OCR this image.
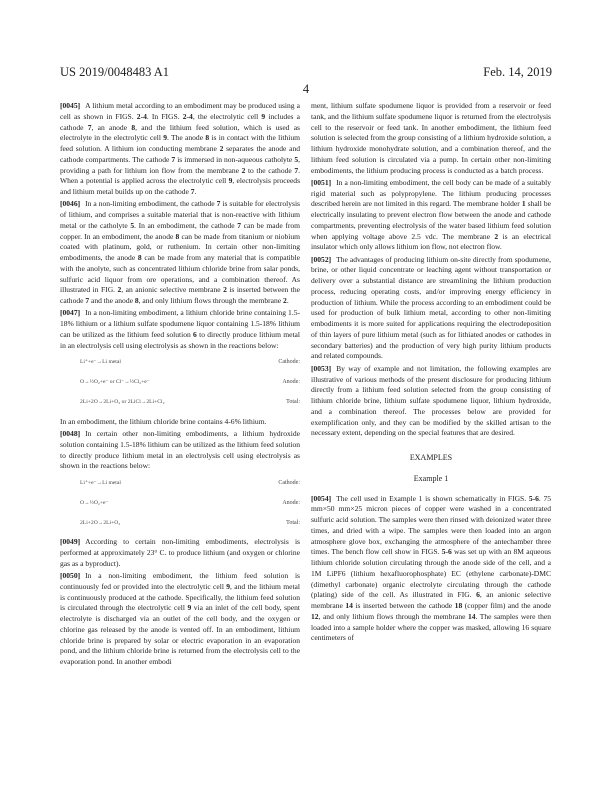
US 2019/0048483 A1	Feb. 14, 2019
4

[0045] A lithium metal according to an embodiment may be produced using a cell as shown in FIGS. 2-4. In FIGS. 2-4, the electrolytic cell 9 includes a cathode 7, an anode 8, and the lithium feed solution, which is used as electrolyte in the electrolytic cell 9. The anode 8 is in contact with the lithium feed solution. A lithium ion conducting membrane 2 separates the anode and cathode compartments. The cathode 7 is immersed in non-aqueous catholyte 5, providing a path for lithium ion flow from the membrane 2 to the cathode 7. When a potential is applied across the electrolytic cell 9, electrolysis proceeds and lithium metal builds up on the cathode 7.

[0046] In a non-limiting embodiment, the cathode 7 is suitable for electrolysis of lithium, and comprises a suitable material that is non-reactive with lithium metal or the catholyte 5. In an embodiment, the cathode 7 can be made from copper. In an embodiment, the anode 8 can be made from titanium or niobium coated with platinum, gold, or ruthenium. In certain other non-limiting embodiments, the anode 8 can be made from any material that is compatible with the anolyte, such as concentrated lithium chloride brine from salar ponds, sulfuric acid liquor from ore operations, and a combination thereof. As illustrated in FIG. 2, an anionic selective membrane 2 is inserted between the cathode 7 and the anode 8, and only lithium flows through the membrane 2.

[0047] In a non-limiting embodiment, a lithium chloride brine containing 1.5-18% lithium or a lithium sulfate spodumene liquor containing 1.5-18% lithium can be utilized as the lithium feed solution 6 to directly produce lithium metal in an electrolysis cell using electrolysis as shown in the reactions below:

Li⁺+e⁻→Li metal	Cathode:
O→½O₂+e⁻ or Cl⁻→½Cl₂+e⁻	Anode:
2Li+2O→2Li+O₂ or 2LiCl→2Li+Cl₂	Total:

In an embodiment, the lithium chloride brine contains 4-6% lithium.

[0048] In certain other non-limiting embodiments, a lithium hydroxide solution containing 1.5-18% lithium can be utilized as the lithium feed solution to directly produce lithium metal in an electrolysis cell using electrolysis as shown in the reactions below:

Li⁺+e⁻→Li metal	Cathode:
O→½O₂+e⁻	Anode:
2Li+2O→2Li+O₂	Total:

[0049] According to certain non-limiting embodiments, electrolysis is performed at approximately 23° C. to produce lithium (and oxygen or chlorine gas as a byproduct).

[0050] In a non-limiting embodiment, the lithium feed solution is continuously fed or provided into the electrolytic cell 9, and the lithium metal is continuously produced at the cathode. Specifically, the lithium feed solution is circulated through the electrolytic cell 9 via an inlet of the cell body, spent electrolyte is discharged via an outlet of the cell body, and the oxygen or chlorine gas released by the anode is vented off. In an embodiment, lithium chloride brine is prepared by solar or electric evaporation in an evaporation pond, and the lithium chloride brine is returned from the electrolysis cell to the evaporation pond. In another embodi

ment, lithium sulfate spodumene liquor is provided from a reservoir or feed tank, and the lithium sulfate spodumene liquor is returned from the electrolysis cell to the reservoir or feed tank. In another embodiment, the lithium feed solution is selected from the group consisting of a lithium hydroxide solution, a lithium hydroxide monohydrate solution, and a combination thereof, and the lithium feed solution is circulated via a pump. In certain other non-limiting embodiments, the lithium producing process is conducted as a batch process.

[0051] In a non-limiting embodiment, the cell body can be made of a suitably rigid material such as polypropylene. The lithium producing processes described herein are not limited in this regard. The membrane holder 1 shall be electrically insulating to prevent electron flow between the anode and cathode compartments, preventing electrolysis of the water based lithium feed solution when applying voltage above 2.5 vdc. The membrane 2 is an electrical insulator which only allows lithium ion flow, not electron flow.

[0052] The advantages of producing lithium on-site directly from spodumene, brine, or other liquid concentrate or leaching agent without transportation or delivery over a substantial distance are streamlining the lithium production process, reducing operating costs, and/or improving energy efficiency in production of lithium. While the process according to an embodiment could be used for production of bulk lithium metal, according to other non-limiting embodiments it is more suited for applications requiring the electrodeposition of thin layers of pure lithium metal (such as for lithiated anodes or cathodes in secondary batteries) and the production of very high purity lithium products and related compounds.

[0053] By way of example and not limitation, the following examples are illustrative of various methods of the present disclosure for producing lithium directly from a lithium feed solution selected from the group consisting of lithium chloride brine, lithium sulfate spodumene liquor, lithium hydroxide, and a combination thereof. The processes below are provided for exemplification only, and they can be modified by the skilled artisan to the necessary extent, depending on the special features that are desired.

EXAMPLES
Example 1

[0054] The cell used in Example 1 is shown schematically in FIGS. 5-6. 75 mm×50 mm×25 micron pieces of copper were washed in a concentrated sulfuric acid solution. The samples were then rinsed with deionized water three times, and dried with a wipe. The samples were then loaded into an argon atmosphere glove box, exchanging the atmosphere of the antechamber three times. The bench flow cell show in FIGS. 5-6 was set up with an 8M aqueous lithium chloride solution circulating through the anode side of the cell, and a 1M LiPF6 (lithium hexafluorophosphate) EC (ethylene carbonate)-DMC (dimethyl carbonate) organic electrolyte circulating through the cathode (plating) side of the cell. As illustrated in FIG. 6, an anionic selective membrane 14 is inserted between the cathode 18 (copper film) and the anode 12, and only lithium flows through the membrane 14. The samples were then loaded into a sample holder where the copper was masked, allowing 16 square centimeters of
